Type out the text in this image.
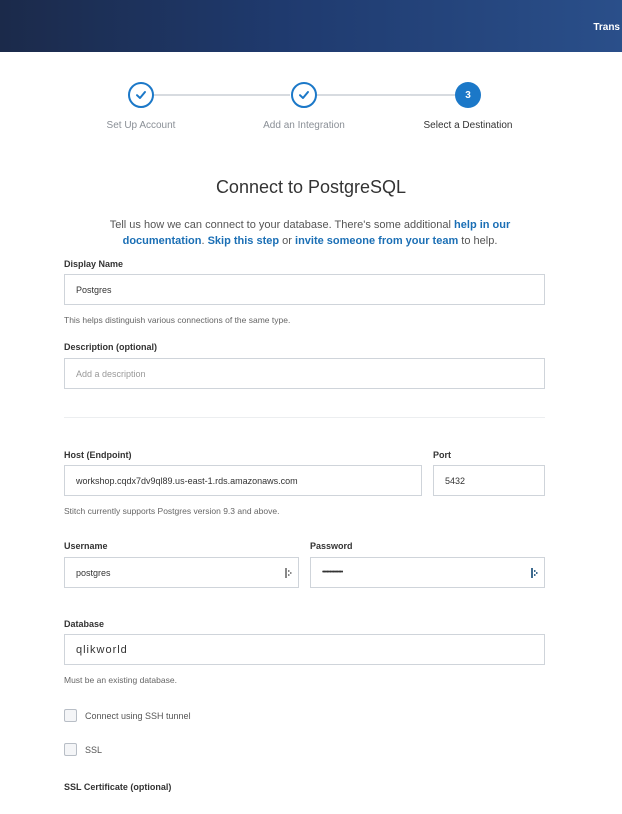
Trans
3
Set Up Account	Add an Integration	Select a Destination
Connect to PostgreSQL
Tell us how we can connect to your database. There's some additional help in our documentation. Skip this step or invite someone from your team to help.
Display Name
Postgres
This helps distinguish various connections of the same type.
Description (optional)
Add a description
Host (Endpoint)
workshop.cqdx7dv9ql89.us-east-1.rds.amazonaws.com
Port
5432
Stitch currently supports Postgres version 9.3 and above.
Username
postgres
Password
••••••••••••••
Database
qlikworld
Must be an existing database.
Connect using SSH tunnel
SSL
SSL Certificate (optional)
